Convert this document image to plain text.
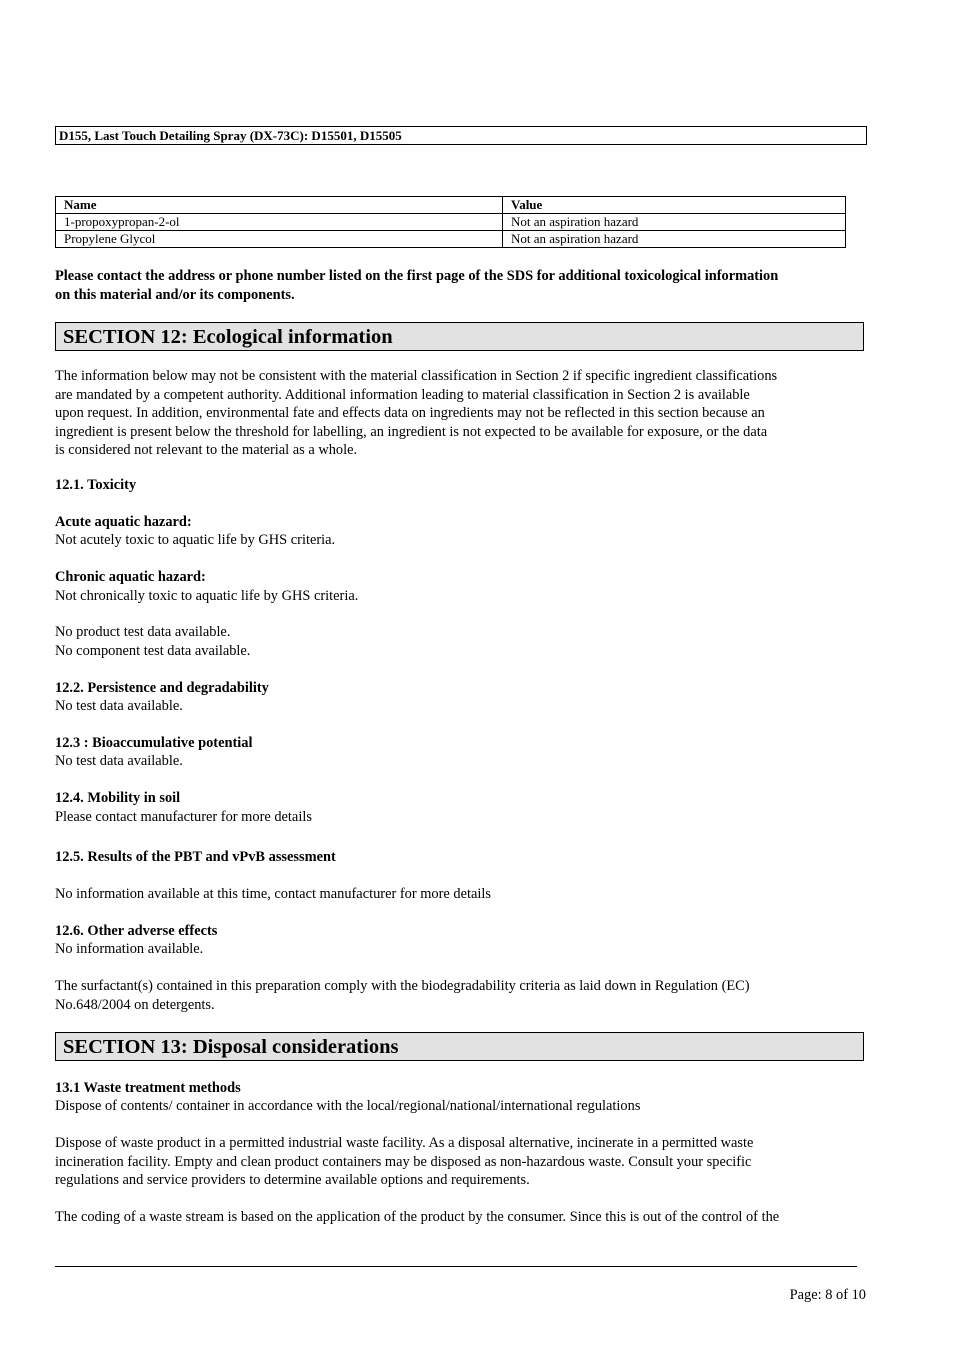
D155, Last Touch Detailing Spray (DX-73C): D15501, D15505
Name	Value
1-propoxypropan-2-ol	Not an aspiration hazard
Propylene Glycol	Not an aspiration hazard
Please contact the address or phone number listed on the first page of the SDS for additional toxicological information
on this material and/or its components.
SECTION 12: Ecological information
The information below may not be consistent with the material classification in Section 2 if specific ingredient classifications
are mandated by a competent authority. Additional information leading to material classification in Section 2 is available
upon request. In addition, environmental fate and effects data on ingredients may not be reflected in this section because an
ingredient is present below the threshold for labelling, an ingredient is not expected to be available for exposure, or the data
is considered not relevant to the material as a whole.
12.1. Toxicity
Acute aquatic hazard:
Not acutely toxic to aquatic life by GHS criteria.
Chronic aquatic hazard:
Not chronically toxic to aquatic life by GHS criteria.
No product test data available.
No component test data available.
12.2. Persistence and degradability
No test data available.
12.3 : Bioaccumulative potential
No test data available.
12.4. Mobility in soil
Please contact manufacturer for more details
12.5. Results of the PBT and vPvB assessment
No information available at this time, contact manufacturer for more details
12.6. Other adverse effects
No information available.
The surfactant(s) contained in this preparation comply with the biodegradability criteria as laid down in Regulation (EC)
No.648/2004 on detergents.
SECTION 13: Disposal considerations
13.1 Waste treatment methods
Dispose of contents/ container in accordance with the local/regional/national/international regulations
Dispose of waste product in a permitted industrial waste facility. As a disposal alternative, incinerate in a permitted waste
incineration facility. Empty and clean product containers may be disposed as non-hazardous waste. Consult your specific
regulations and service providers to determine available options and requirements.
The coding of a waste stream is based on the application of the product by the consumer. Since this is out of the control of the
Page: 8 of 10
